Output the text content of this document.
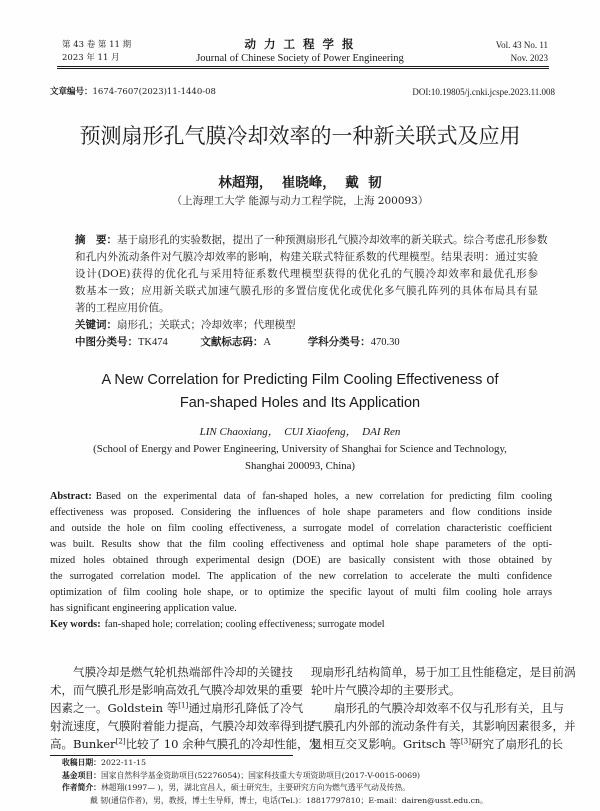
第 43 卷 第 11 期
2023 年 11 月
动 力 工 程 学 报
Journal of Chinese Society of Power Engineering
Vol. 43 No. 11
Nov. 2023
文章编号：1674-7607(2023)11-1440-08	DOI:10.19805/j.cnki.jcspe.2023.11.008
预测扇形孔气膜冷却效率的一种新关联式及应用
林超翔，  崔晓峰，  戴  韧
（上海理工大学 能源与动力工程学院，上海 200093）
摘　要：基于扇形孔的实验数据，提出了一种预测扇形孔气膜冷却效率的新关联式。综合考虑孔形参数
和孔内外流动条件对气膜冷却效率的影响，构建关联式特征系数的代理模型。结果表明：通过实验
设计(DOE)获得的优化孔与采用特征系数代理模型获得的优化孔的气膜冷却效率和最优孔形参
数基本一致；应用新关联式加速气膜孔形的多置信度优化或优化多气膜孔阵列的具体布局具有显
著的工程应用价值。
关键词：扇形孔；关联式；冷却效率；代理模型
中图分类号：TK474	文献标志码：A	学科分类号：470.30
A New Correlation for Predicting Film Cooling Effectiveness of
Fan-shaped Holes and Its Application
LIN Chaoxiang，  CUI Xiaofeng，  DAI Ren
(School of Energy and Power Engineering, University of Shanghai for Science and Technology,
Shanghai 200093, China)
Abstract: Based on the experimental data of fan-shaped holes, a new correlation for predicting film cooling
effectiveness was proposed. Considering the influences of hole shape parameters and flow conditions inside
and outside the hole on film cooling effectiveness, a surrogate model of correlation characteristic coefficient
was built. Results show that the film cooling effectiveness and optimal hole shape parameters of the opti-
mized holes obtained through experimental design (DOE) are basically consistent with those obtained by
the surrogated correlation model. The application of the new correlation to accelerate the multi confidence
optimization of film cooling hole shape, or to optimize the specific layout of multi film cooling hole arrays
has significant engineering application value.
Key words: fan-shaped hole; correlation; cooling effectiveness; surrogate model
气膜冷却是燃气轮机热端部件冷却的关键技
术，而气膜孔形是影响高效孔气膜冷却效果的重要
因素之一。Goldstein 等[1]通过扇形孔降低了冷气
射流速度，气膜附着能力提高，气膜冷却效率得到提
高。Bunker[2]比较了 10 余种气膜孔的冷却性能，发
现扇形孔结构简单，易于加工且性能稳定，是目前涡
轮叶片气膜冷却的主要形式。
扇形孔的气膜冷却效率不仅与孔形有关，且与
气膜孔内外部的流动条件有关，其影响因素很多，并
且相互交叉影响。Gritsch 等[3]研究了扇形孔的长
收稿日期：2022-11-15
基金项目：国家自然科学基金资助项目(52276054)；国家科技重大专项资助项目(2017-V-0015-0069)
作者简介：林超翔(1997— )，男，湖北宜昌人，硕士研究生，主要研究方向为燃气透平气动及传热。
戴 韧(通信作者)，男，教授，博士生导师，博士，电话(Tel.)：18817797810；E-mail：dairen@usst.edu.cn。
